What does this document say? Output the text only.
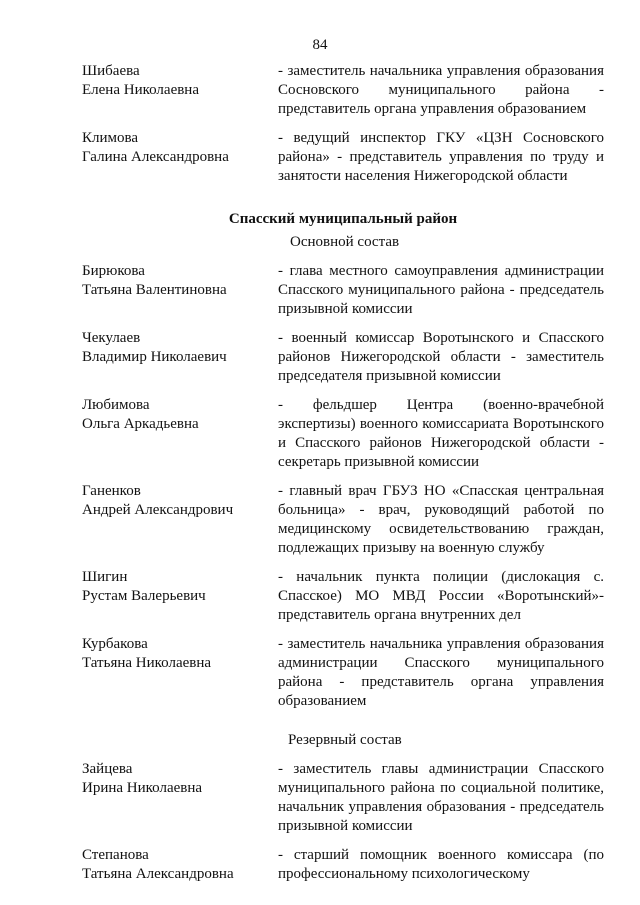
84
Шибаева
Елена Николаевна
- заместитель начальника управления образования Сосновского муниципального района - представитель органа управления образованием
Климова
Галина Александровна
- ведущий инспектор ГКУ «ЦЗН Сосновского района» - представитель управления по труду и занятости населения Нижегородской области
Спасский муниципальный район
Основной состав
Бирюкова
Татьяна Валентиновна
- глава местного самоуправления администрации Спасского муниципального района - председатель призывной комиссии
Чекулаев
Владимир Николаевич
- военный комиссар Воротынского и Спасского районов Нижегородской области - заместитель председателя призывной комиссии
Любимова
Ольга Аркадьевна
- фельдшер Центра (военно-врачебной экспертизы) военного комиссариата Воротынского и Спасского районов Нижегородской области - секретарь призывной комиссии
Ганенков
Андрей Александрович
- главный врач ГБУЗ НО «Спасская центральная больница» - врач, руководящий работой по медицинскому освидетельствованию граждан, подлежащих призыву на военную службу
Шигин
Рустам Валерьевич
- начальник пункта полиции (дислокация с. Спасское) МО МВД России «Воротынский»- представитель органа внутренних дел
Курбакова
Татьяна Николаевна
- заместитель начальника управления образования администрации Спасского муниципального района - представитель органа управления образованием
Резервный состав
Зайцева
Ирина Николаевна
- заместитель главы администрации Спасского муниципального района по социальной политике, начальник управления образования - председатель призывной комиссии
Степанова
Татьяна Александровна
- старший помощник военного комиссара (по профессиональному психологическому
